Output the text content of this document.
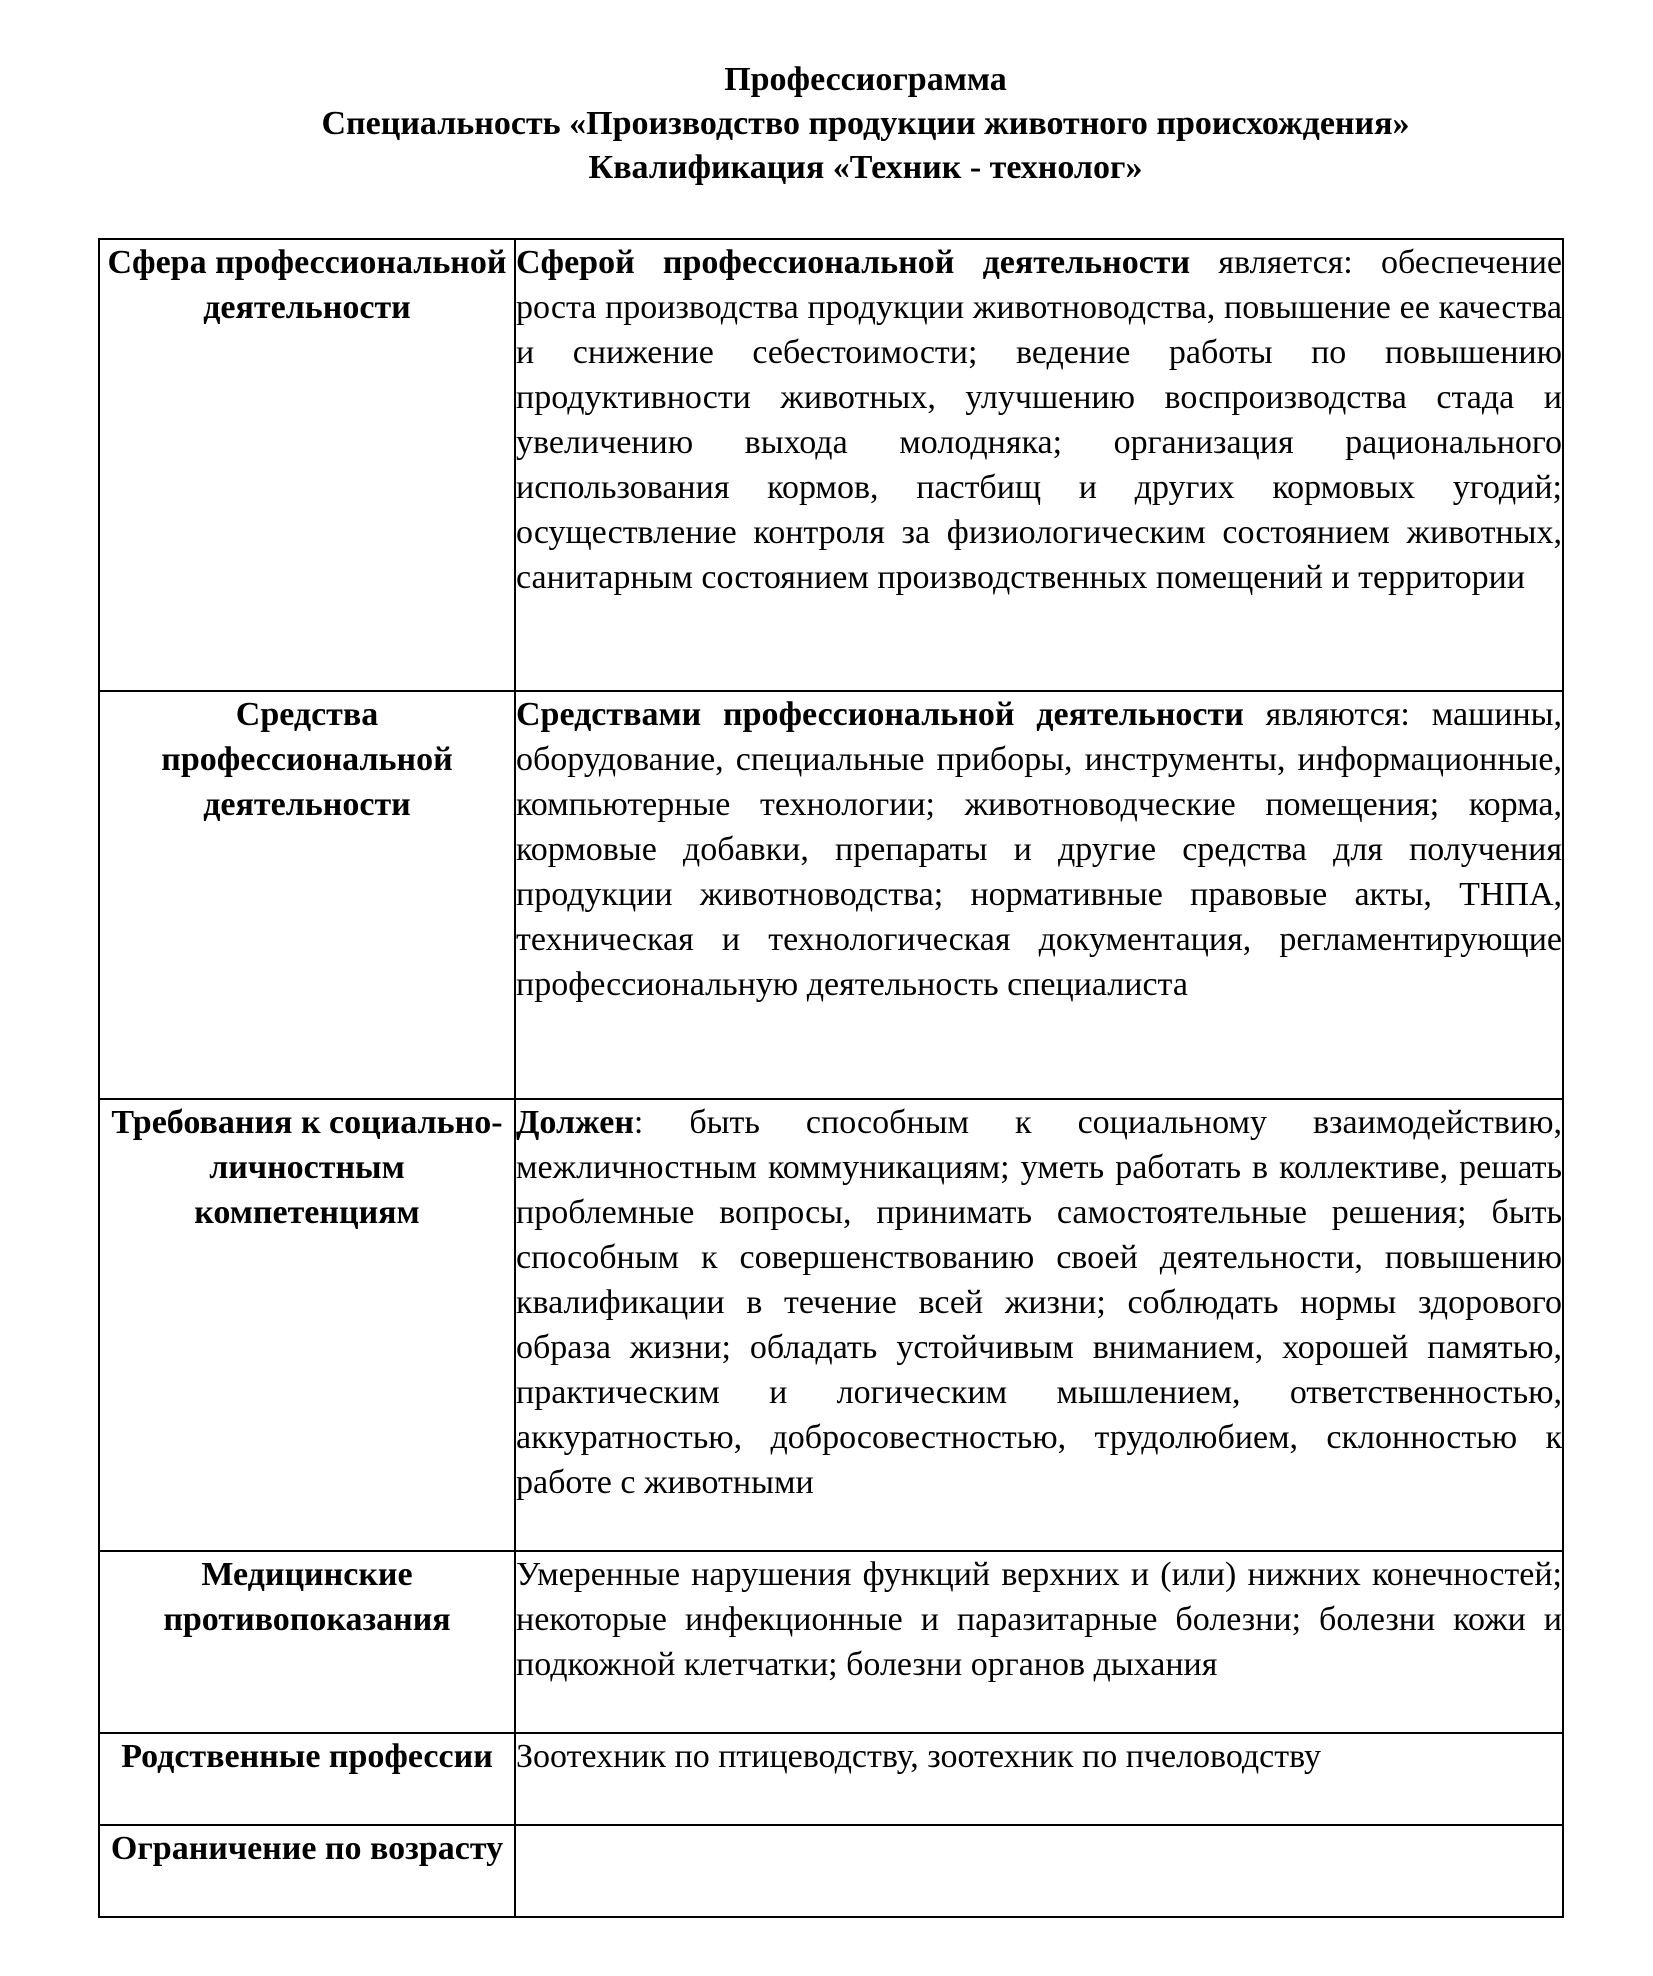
Профессиограмма
Специальность «Производство продукции животного происхождения»
Квалификация «Техник - технолог»
Сфера профессиональной деятельности	Сферой профессиональной деятельности является: обеспечение роста производства продукции животноводства, повышение ее качества и снижение себестоимости; ведение работы по повышению продуктивности животных, улучшению воспроизводства стада и увеличению выхода молодняка; организация рационального использования кормов, пастбищ и других кормовых угодий; осуществление контроля за физиологическим состоянием животных, санитарным состоянием производственных помещений и территории
Средства профессиональной деятельности	Средствами профессиональной деятельности являются: машины, оборудование, специальные приборы, инструменты, информационные, компьютерные технологии; животноводческие помещения; корма, кормовые добавки, препараты и другие средства для получения продукции животноводства; нормативные правовые акты, ТНПА, техническая и технологическая документация, регламентирующие профессиональную деятельность специалиста
Требования к социально-личностным компетенциям	Должен: быть способным к социальному взаимодействию, межличностным коммуникациям; уметь работать в коллективе, решать проблемные вопросы, принимать самостоятельные решения; быть способным к совершенствованию своей деятельности, повышению квалификации в течение всей жизни; соблюдать нормы здорового образа жизни; обладать устойчивым вниманием, хорошей памятью, практическим и логическим мышлением, ответственностью, аккуратностью, добросовестностью, трудолюбием, склонностью к работе с животными
Медицинские противопоказания	Умеренные нарушения функций верхних и (или) нижних конечностей; некоторые инфекционные и паразитарные болезни; болезни кожи и подкожной клетчатки; болезни органов дыхания
Родственные профессии	Зоотехник по птицеводству, зоотехник по пчеловодству
Ограничение по возрасту	
